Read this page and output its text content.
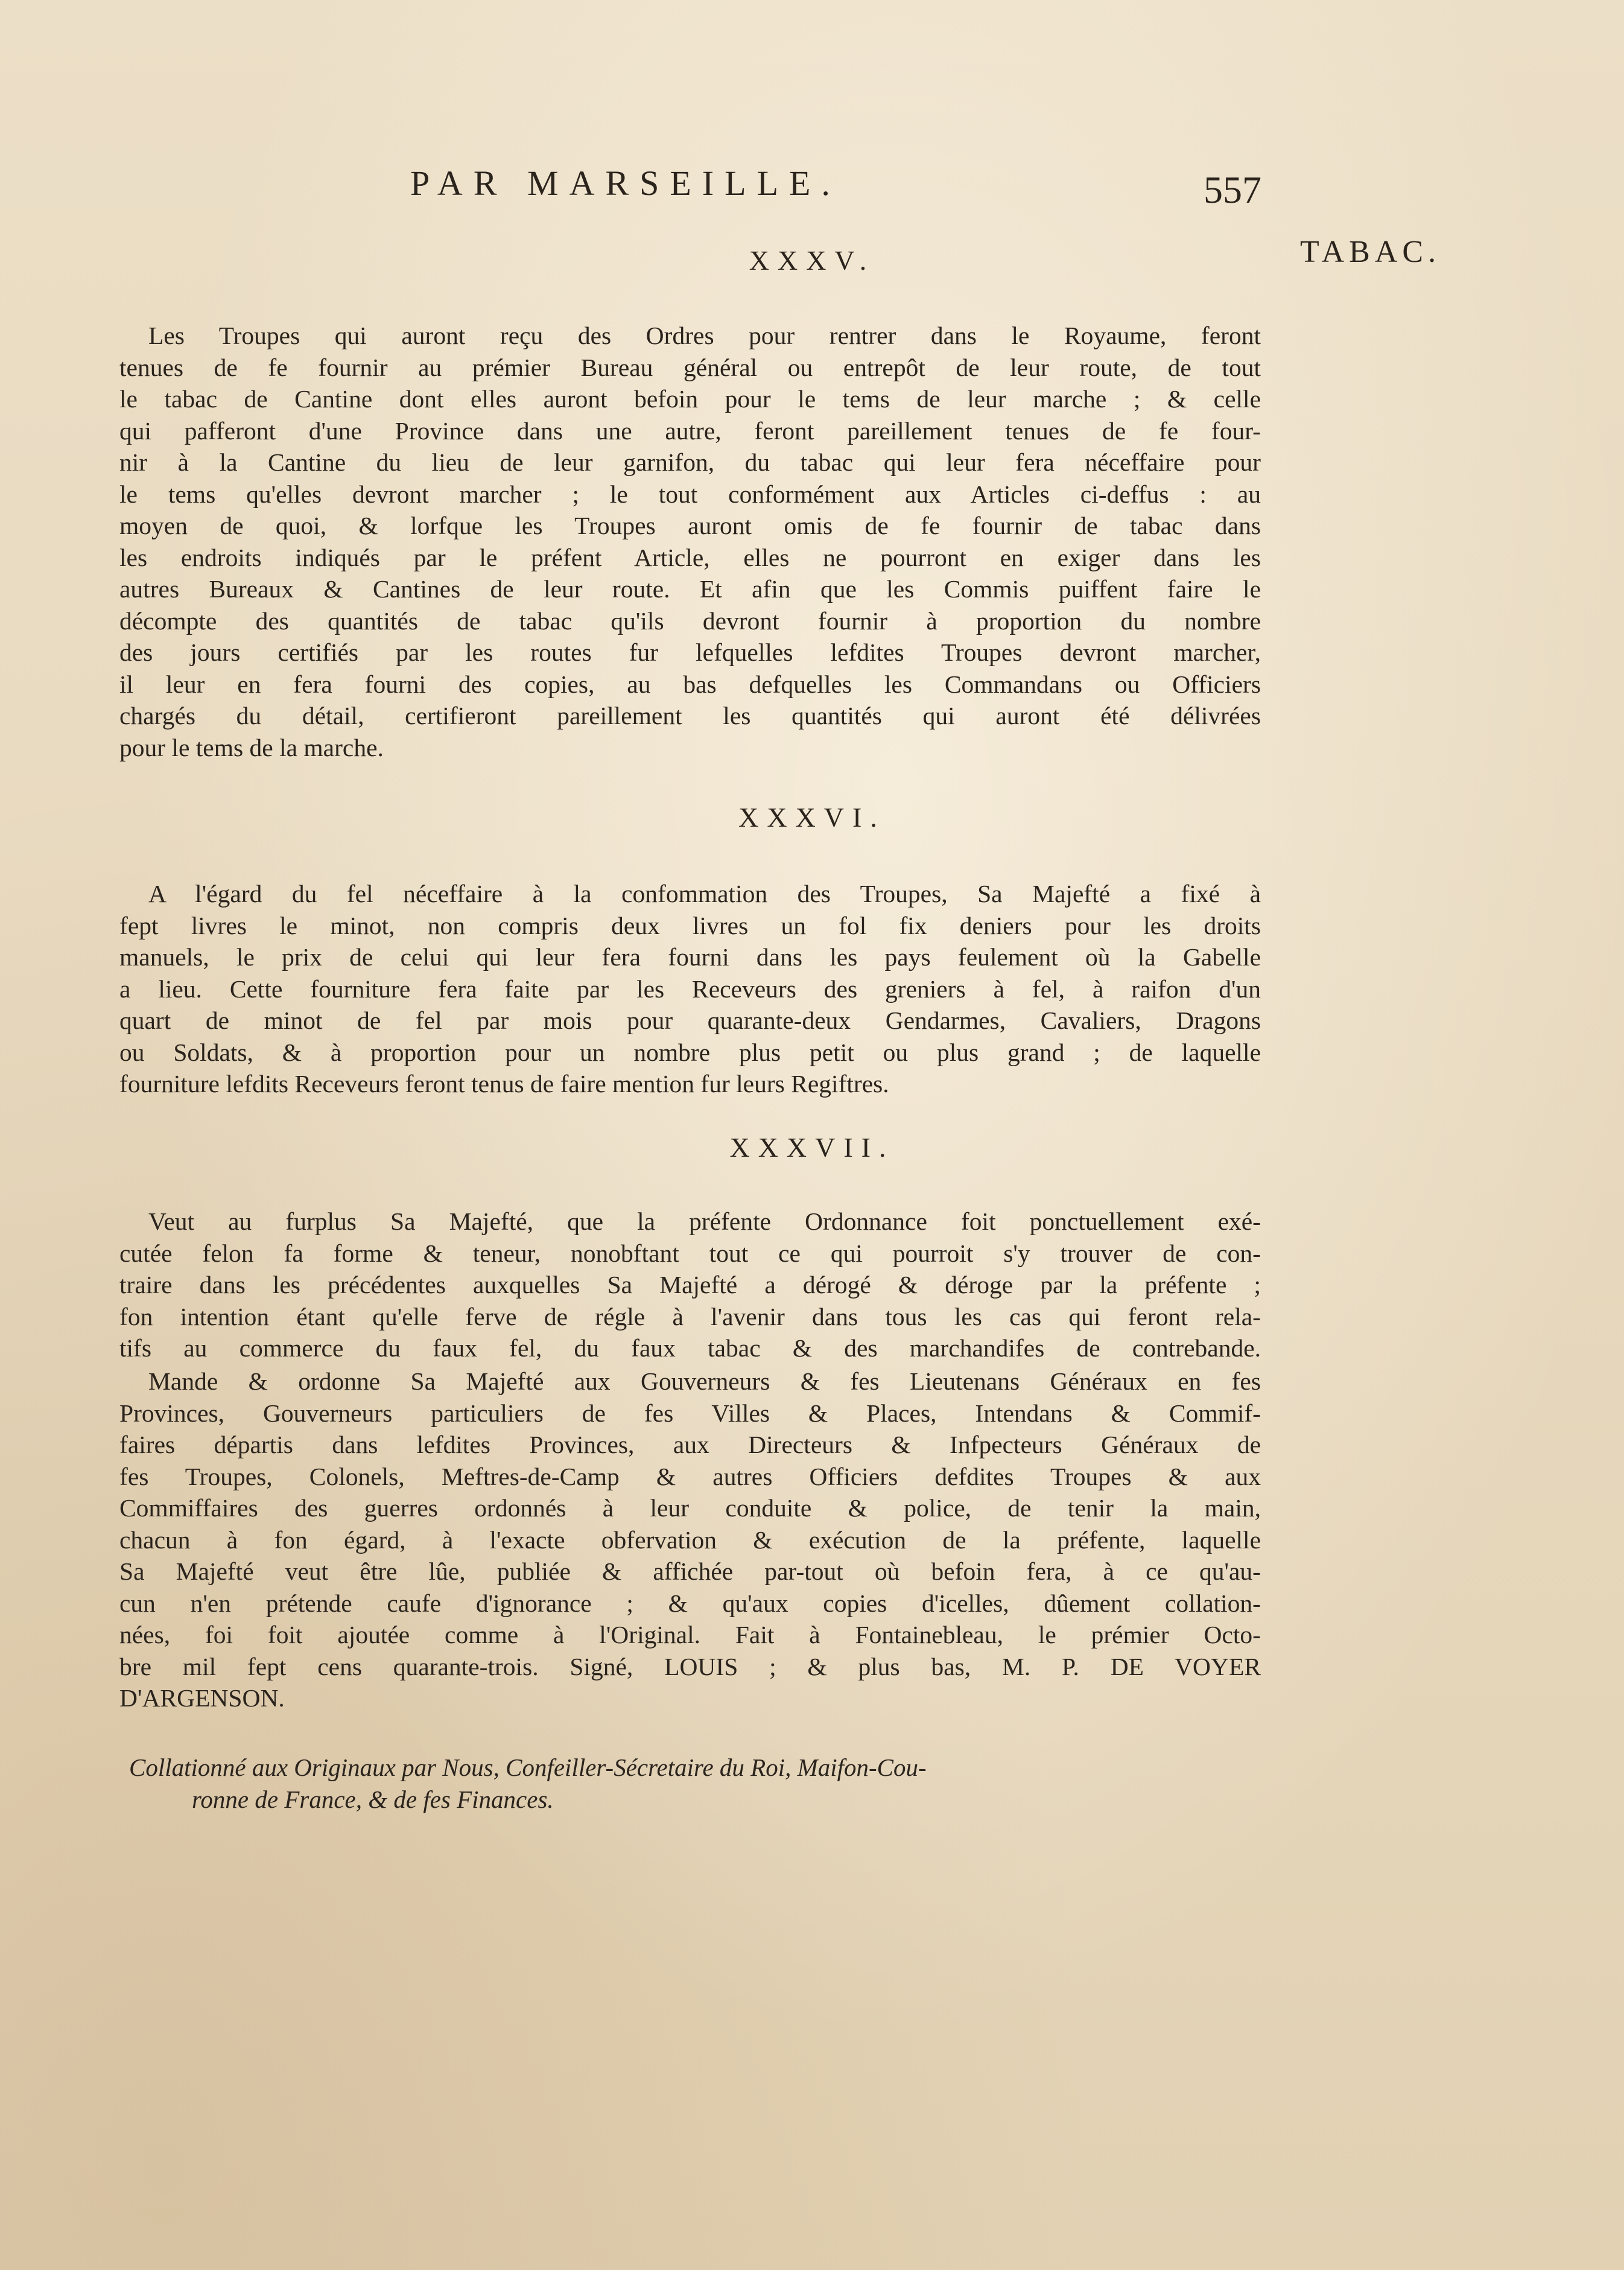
PAR MARSEILLE.	557
TABAC.
XXXV.
Les Troupes qui auront reçu des Ordres pour rentrer dans le Royaume, feront
tenues de fe fournir au prémier Bureau général ou entrepôt de leur route, de tout
le tabac de Cantine dont elles auront befoin pour le tems de leur marche ; & celle
qui pafferont d'une Province dans une autre, feront pareillement tenues de fe four-
nir à la Cantine du lieu de leur garnifon, du tabac qui leur fera néceffaire pour
le tems qu'elles devront marcher ; le tout conformément aux Articles ci-deffus : au
moyen de quoi, & lorfque les Troupes auront omis de fe fournir de tabac dans
les endroits indiqués par le préfent Article, elles ne pourront en exiger dans les
autres Bureaux & Cantines de leur route. Et afin que les Commis puiffent faire le
décompte des quantités de tabac qu'ils devront fournir à proportion du nombre
des jours certifiés par les routes fur lefquelles lefdites Troupes devront marcher,
il leur en fera fourni des copies, au bas defquelles les Commandans ou Officiers
chargés du détail, certifieront pareillement les quantités qui auront été délivrées
pour le tems de la marche.
XXXVI.
A l'égard du fel néceffaire à la confommation des Troupes, Sa Majefté a fixé à
fept livres le minot, non compris deux livres un fol fix deniers pour les droits
manuels, le prix de celui qui leur fera fourni dans les pays feulement où la Gabelle
a lieu. Cette fourniture fera faite par les Receveurs des greniers à fel, à raifon d'un
quart de minot de fel par mois pour quarante-deux Gendarmes, Cavaliers, Dragons
ou Soldats, & à proportion pour un nombre plus petit ou plus grand ; de laquelle
fourniture lefdits Receveurs feront tenus de faire mention fur leurs Regiftres.
XXXVII.
Veut au furplus Sa Majefté, que la préfente Ordonnance foit ponctuellement exé-
cutée felon fa forme & teneur, nonobftant tout ce qui pourroit s'y trouver de con-
traire dans les précédentes auxquelles Sa Majefté a dérogé & déroge par la préfente ;
fon intention étant qu'elle ferve de régle à l'avenir dans tous les cas qui feront rela-
tifs au commerce du faux fel, du faux tabac & des marchandifes de contrebande.
Mande & ordonne Sa Majefté aux Gouverneurs & fes Lieutenans Généraux en fes
Provinces, Gouverneurs particuliers de fes Villes & Places, Intendans & Commif-
faires départis dans lefdites Provinces, aux Directeurs & Infpecteurs Généraux de
fes Troupes, Colonels, Meftres-de-Camp & autres Officiers defdites Troupes & aux
Commiffaires des guerres ordonnés à leur conduite & police, de tenir la main,
chacun à fon égard, à l'exacte obfervation & exécution de la préfente, laquelle
Sa Majefté veut être lûe, publiée & affichée par-tout où befoin fera, à ce qu'au-
cun n'en prétende caufe d'ignorance ; & qu'aux copies d'icelles, dûement collation-
nées, foi foit ajoutée comme à l'Original. Fait à Fontainebleau, le prémier Octo-
bre mil fept cens quarante-trois. Signé, LOUIS ; & plus bas, M. P. DE VOYER
D'ARGENSON.
Collationné aux Originaux par Nous, Confeiller-Sécretaire du Roi, Maifon-Cou-
ronne de France, & de fes Finances.
